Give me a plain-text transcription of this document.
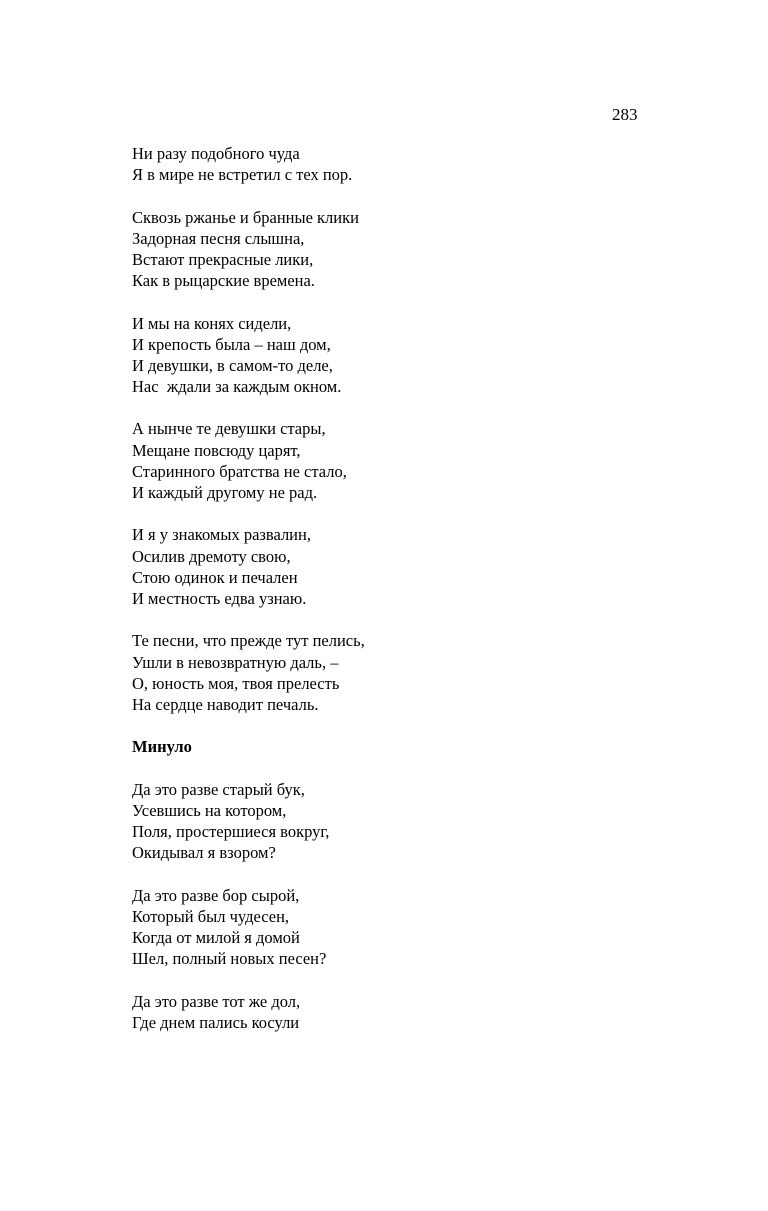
283
Ни разу подобного чуда
Я в мире не встретил с тех пор.
Сквозь ржанье и бранные клики
Задорная песня слышна,
Встают прекрасные лики,
Как в рыцарские времена.
И мы на конях сидели,
И крепость была – наш дом,
И девушки, в самом-то деле,
Нас  ждали за каждым окном.
А нынче те девушки стары,
Мещане повсюду царят,
Старинного братства не стало,
И каждый другому не рад.
И я у знакомых развалин,
Осилив дремоту свою,
Стою одинок и печален
И местность едва узнаю.
Те песни, что прежде тут пелись,
Ушли в невозвратную даль, –
О, юность моя, твоя прелесть
На сердце наводит печаль.
Минуло
Да это разве старый бук,
Усевшись на котором,
Поля, простершиеся вокруг,
Окидывал я взором?
Да это разве бор сырой,
Который был чудесен,
Когда от милой я домой
Шел, полный новых песен?
Да это разве тот же дол,
Где днем пались косули
